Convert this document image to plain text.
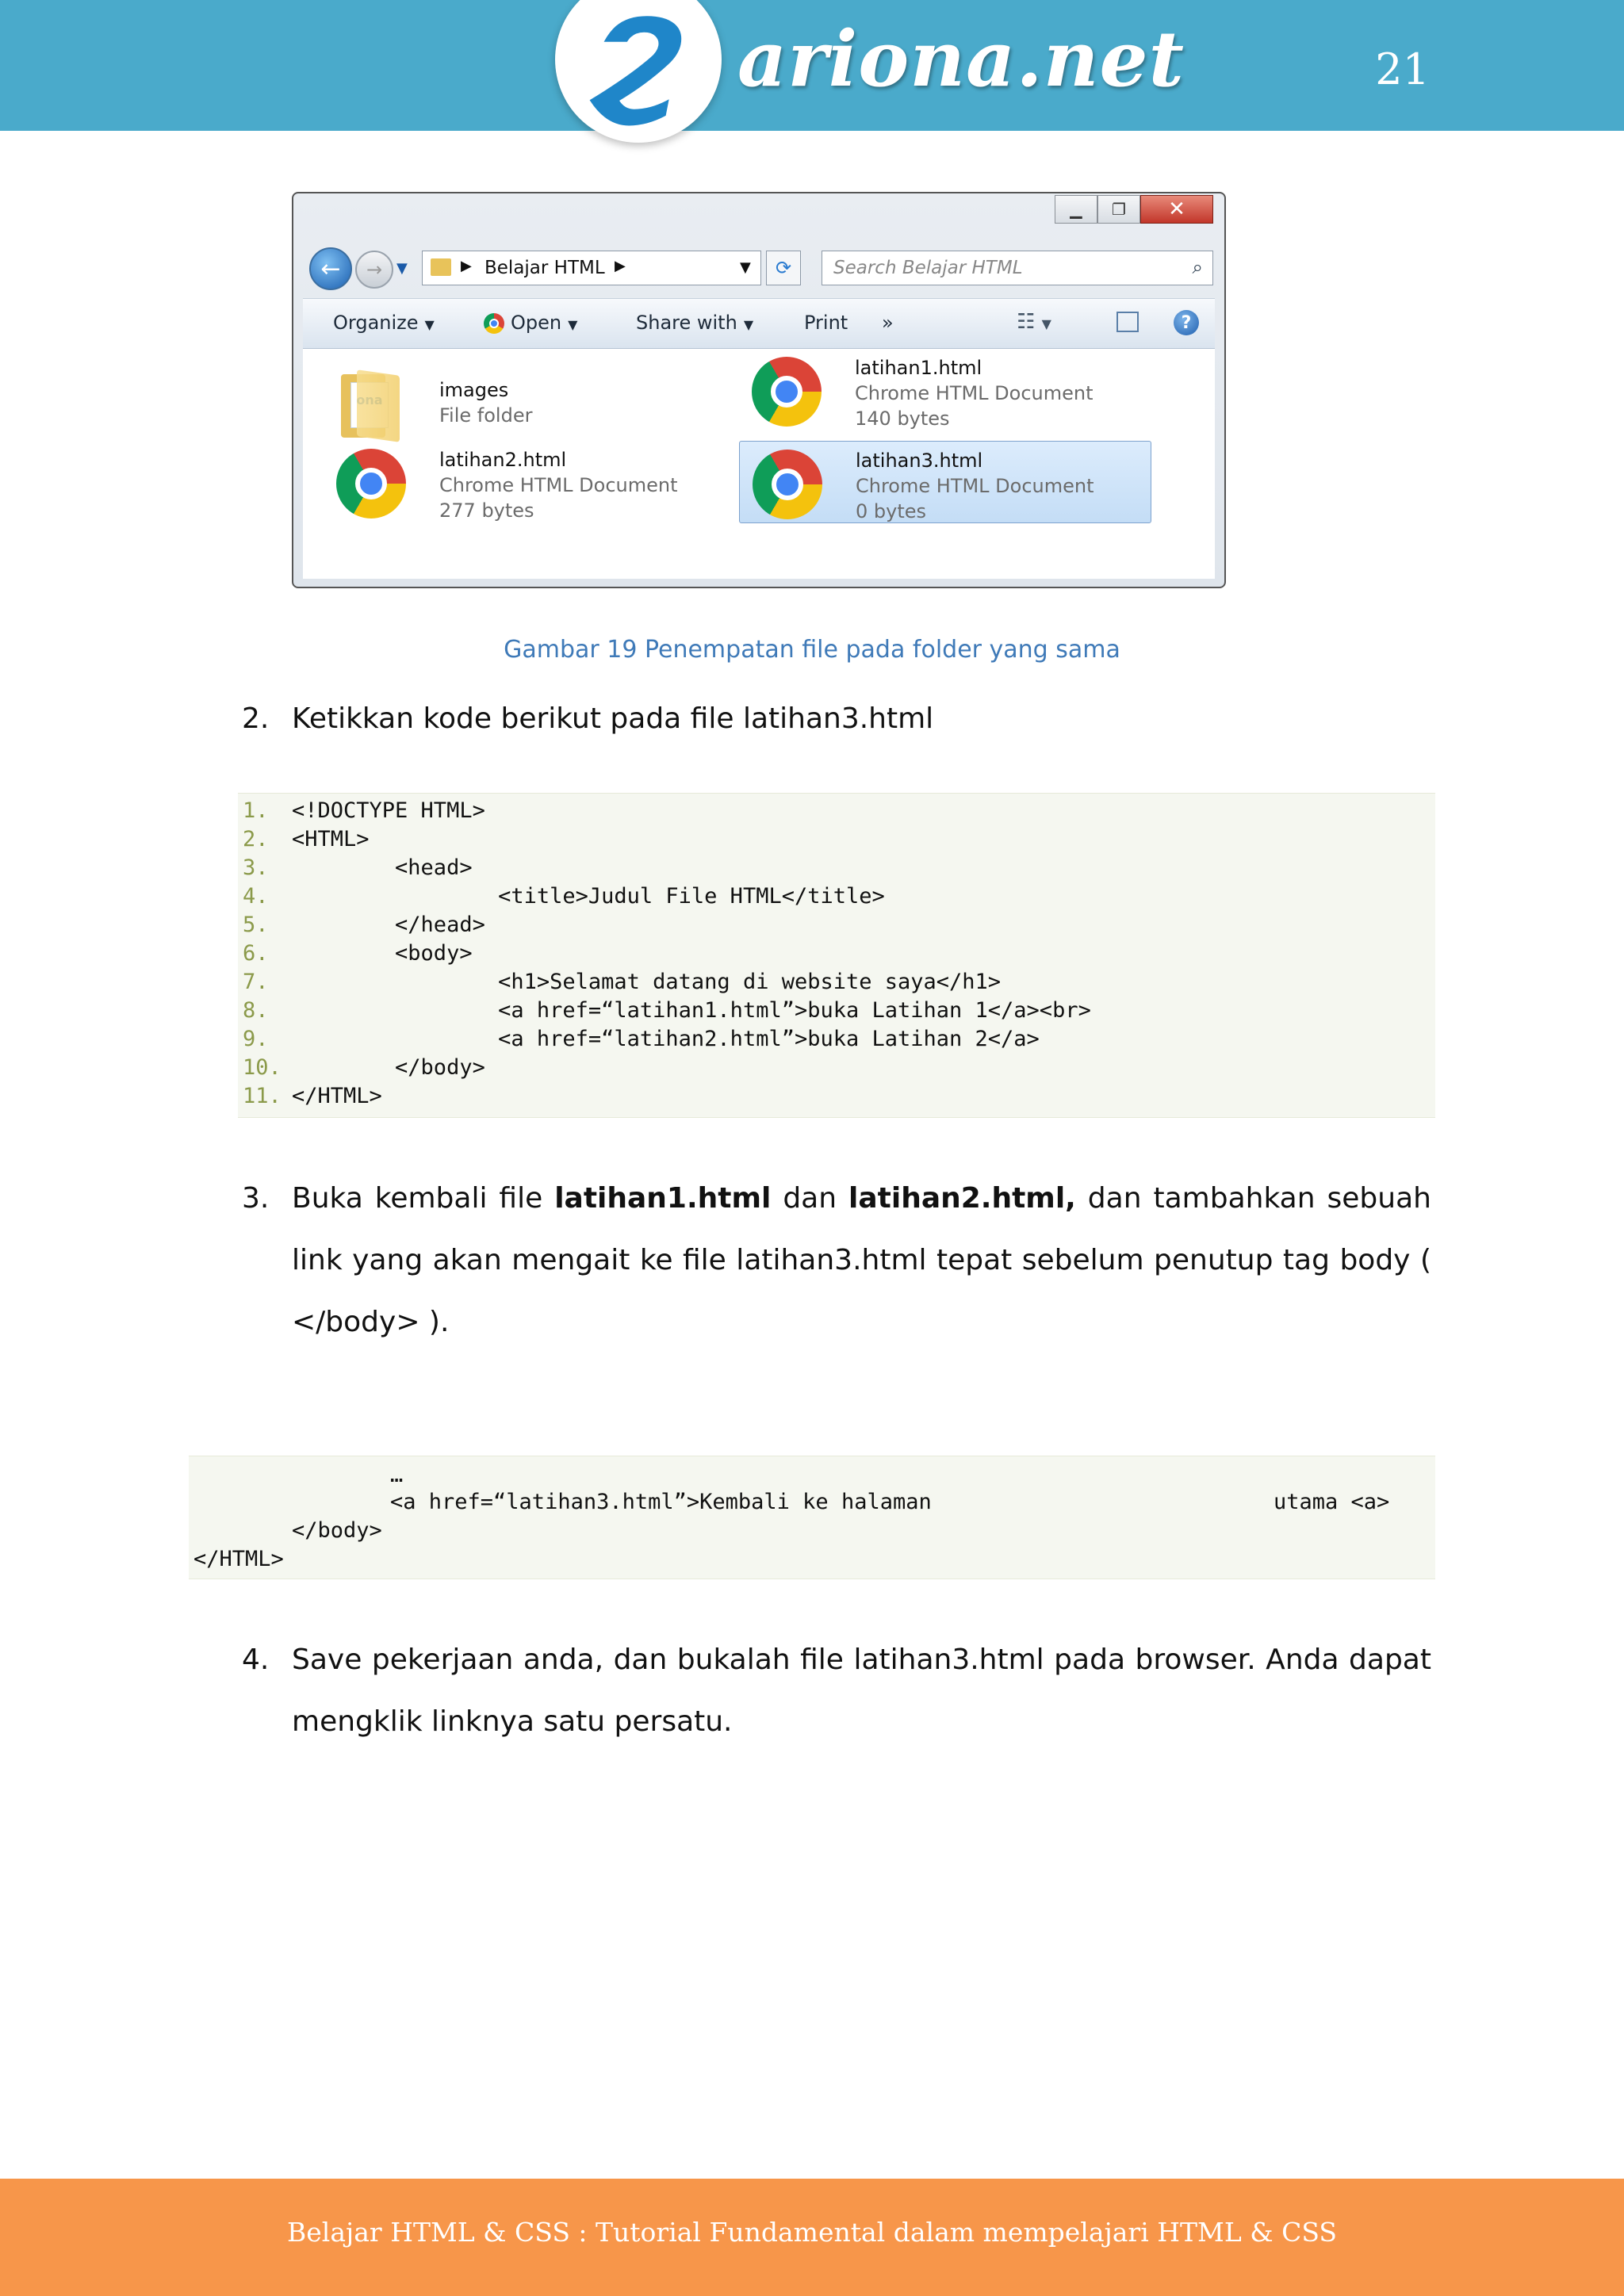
ϩ ariona.net	21
▁	❐	✕
←	→ ▼	▶ Belajar HTML ▶	▼	⟳	Search Belajar HTML	⌕
Organize ▼	Open ▼	Share with ▼	Print »	☷ ▼	?
images
File folder
latihan1.html
Chrome HTML Document
140 bytes
latihan2.html
Chrome HTML Document
277 bytes
latihan3.html
Chrome HTML Document
0 bytes
Gambar 19 Penempatan file pada folder yang sama
2. Ketikkan kode berikut pada file latihan3.html
1. <!DOCTYPE HTML>
2. <HTML>
3.        <head>
4.                <title>Judul File HTML</title>
5.        </head>
6.        <body>
7.                <h1>Selamat datang di website saya</h1>
8.                <a href=“latihan1.html”>buka Latihan 1</a><br>
9.                <a href=“latihan2.html”>buka Latihan 2</a>
10.        </body>
11. </HTML>
3. Buka kembali file latihan1.html dan latihan2.html, dan tambahkan sebuah link yang akan mengait ke file latihan3.html tepat sebelum penutup tag body ( </body> ).
…
<a href=“latihan3.html”>Kembali ke halaman	utama <a>
</body>
</HTML>
4. Save pekerjaan anda, dan bukalah file latihan3.html pada browser. Anda dapat mengklik linknya satu persatu.
Belajar HTML & CSS : Tutorial Fundamental dalam mempelajari HTML & CSS
